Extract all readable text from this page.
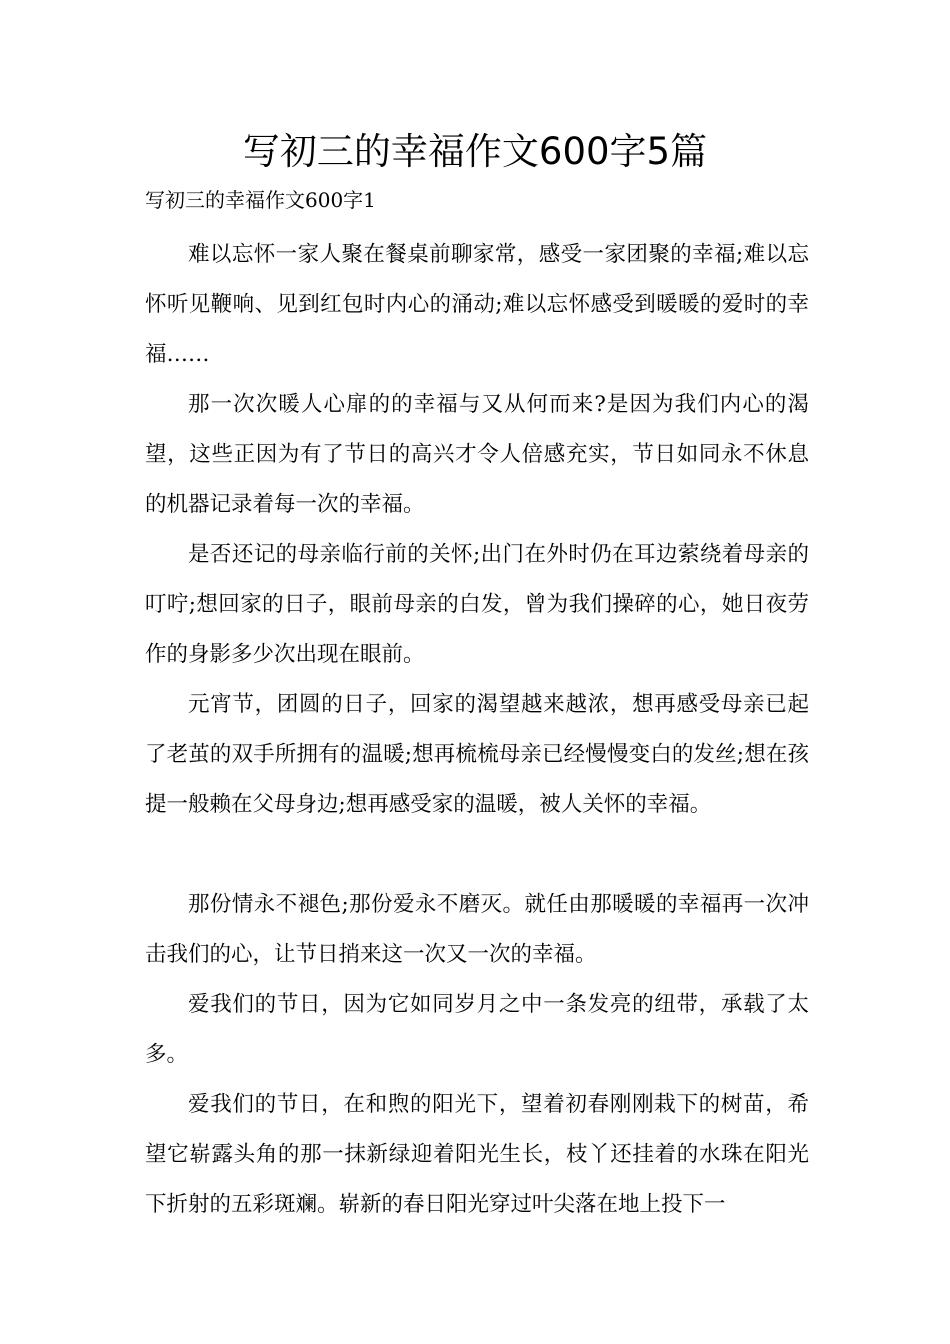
写初三的幸福作文600字5篇
写初三的幸福作文600字1

难以忘怀一家人聚在餐桌前聊家常，感受一家团聚的幸福;难以忘怀听见鞭响、见到红包时内心的涌动;难以忘怀感受到暖暖的爱时的幸福……

那一次次暖人心扉的的幸福与又从何而来?是因为我们内心的渴望，这些正因为有了节日的高兴才令人倍感充实，节日如同永不休息的机器记录着每一次的幸福。

是否还记的母亲临行前的关怀;出门在外时仍在耳边萦绕着母亲的叮咛;想回家的日子，眼前母亲的白发，曾为我们操碎的心，她日夜劳作的身影多少次出现在眼前。

元宵节，团圆的日子，回家的渴望越来越浓，想再感受母亲已起了老茧的双手所拥有的温暖;想再梳梳母亲已经慢慢变白的发丝;想在孩提一般赖在父母身边;想再感受家的温暖，被人关怀的幸福。

那份情永不褪色;那份爱永不磨灭。就任由那暖暖的幸福再一次冲击我们的心，让节日捎来这一次又一次的幸福。

爱我们的节日，因为它如同岁月之中一条发亮的纽带，承载了太多。

爱我们的节日，在和煦的阳光下，望着初春刚刚栽下的树苗，希望它崭露头角的那一抹新绿迎着阳光生长，枝丫还挂着的水珠在阳光下折射的五彩斑斓。崭新的春日阳光穿过叶尖落在地上投下一
